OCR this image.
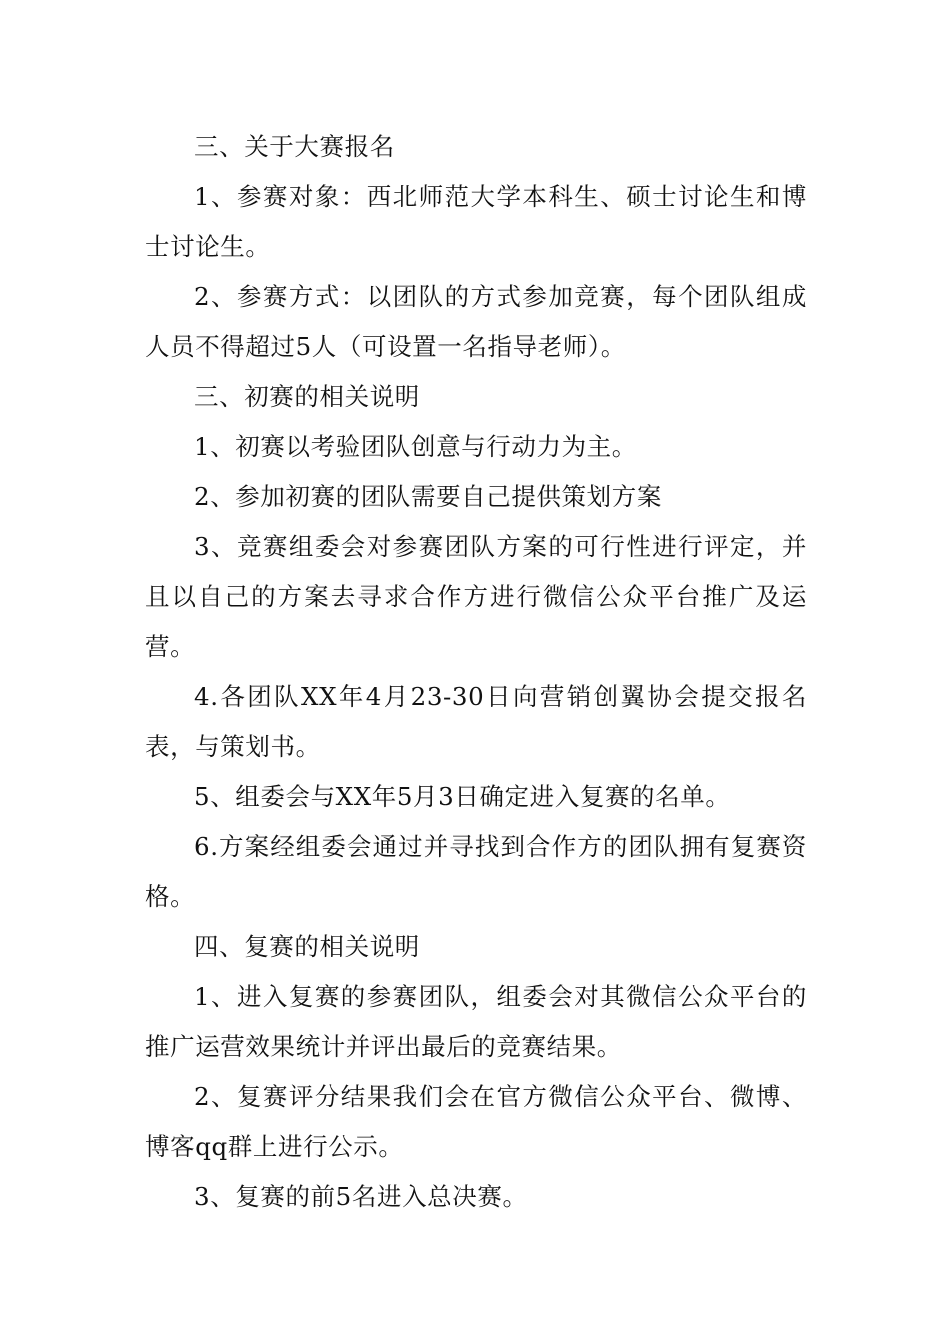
三、关于大赛报名

1、参赛对象：西北师范大学本科生、硕士讨论生和博士讨论生。

2、参赛方式：以团队的方式参加竞赛，每个团队组成人员不得超过5人（可设置一名指导老师）。

三、初赛的相关说明

1、初赛以考验团队创意与行动力为主。

2、参加初赛的团队需要自己提供策划方案

3、竞赛组委会对参赛团队方案的可行性进行评定，并且以自己的方案去寻求合作方进行微信公众平台推广及运营。

4.各团队XX年4月23-30日向营销创翼协会提交报名表，与策划书。

5、组委会与XX年5月3日确定进入复赛的名单。

6.方案经组委会通过并寻找到合作方的团队拥有复赛资格。

四、复赛的相关说明

1、进入复赛的参赛团队，组委会对其微信公众平台的推广运营效果统计并评出最后的竞赛结果。

2、复赛评分结果我们会在官方微信公众平台、微博、博客qq群上进行公示。

3、复赛的前5名进入总决赛。
